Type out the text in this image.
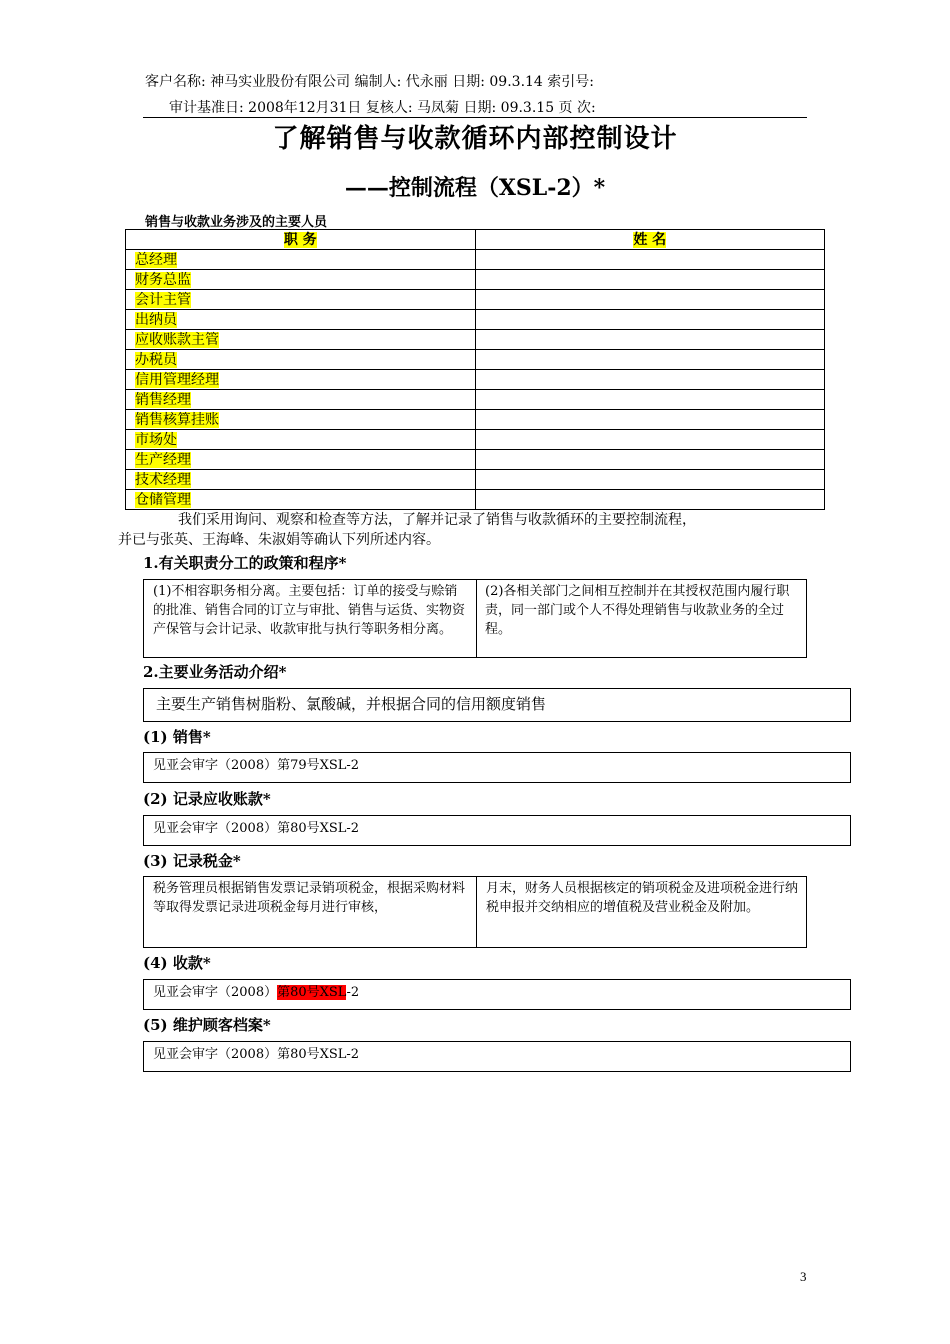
客户名称: 神马实业股份有限公司 编制人: 代永丽 日期: 09.3.14 索引号:
审计基准日: 2008年12月31日 复核人: 马凤菊 日期: 09.3.15 页 次:
了解销售与收款循环内部控制设计
——控制流程（XSL-2）*
销售与收款业务涉及的主要人员
职 务	姓 名
总经理	
财务总监	
会计主管	
出纳员	
应收账款主管	
办税员	
信用管理经理	
销售经理	
销售核算挂账	
市场处	
生产经理	
技术经理	
仓储管理	
我们采用询问、观察和检查等方法，了解并记录了销售与收款循环的主要控制流程，
并已与张英、王海峰、朱淑娟等确认下列所述内容。
1.有关职责分工的政策和程序*
(1)不相容职务相分离。主要包括：订单的接受与赊销的批准、销售合同的订立与审批、销售与运货、实物资产保管与会计记录、收款审批与执行等职务相分离。
(2)各相关部门之间相互控制并在其授权范围内履行职责，同一部门或个人不得处理销售与收款业务的全过程。
2.主要业务活动介绍*
主要生产销售树脂粉、氯酸碱，并根据合同的信用额度销售
(1) 销售*
见亚会审字（2008）第79号XSL-2
(2) 记录应收账款*
见亚会审字（2008）第80号XSL-2
(3) 记录税金*
税务管理员根据销售发票记录销项税金，根据采购材料等取得发票记录进项税金每月进行审核，
月末，财务人员根据核定的销项税金及进项税金进行纳税申报并交纳相应的增值税及营业税金及附加。
(4) 收款*
见亚会审字（2008）第80号XSL-2
(5) 维护顾客档案*
见亚会审字（2008）第80号XSL-2
3
